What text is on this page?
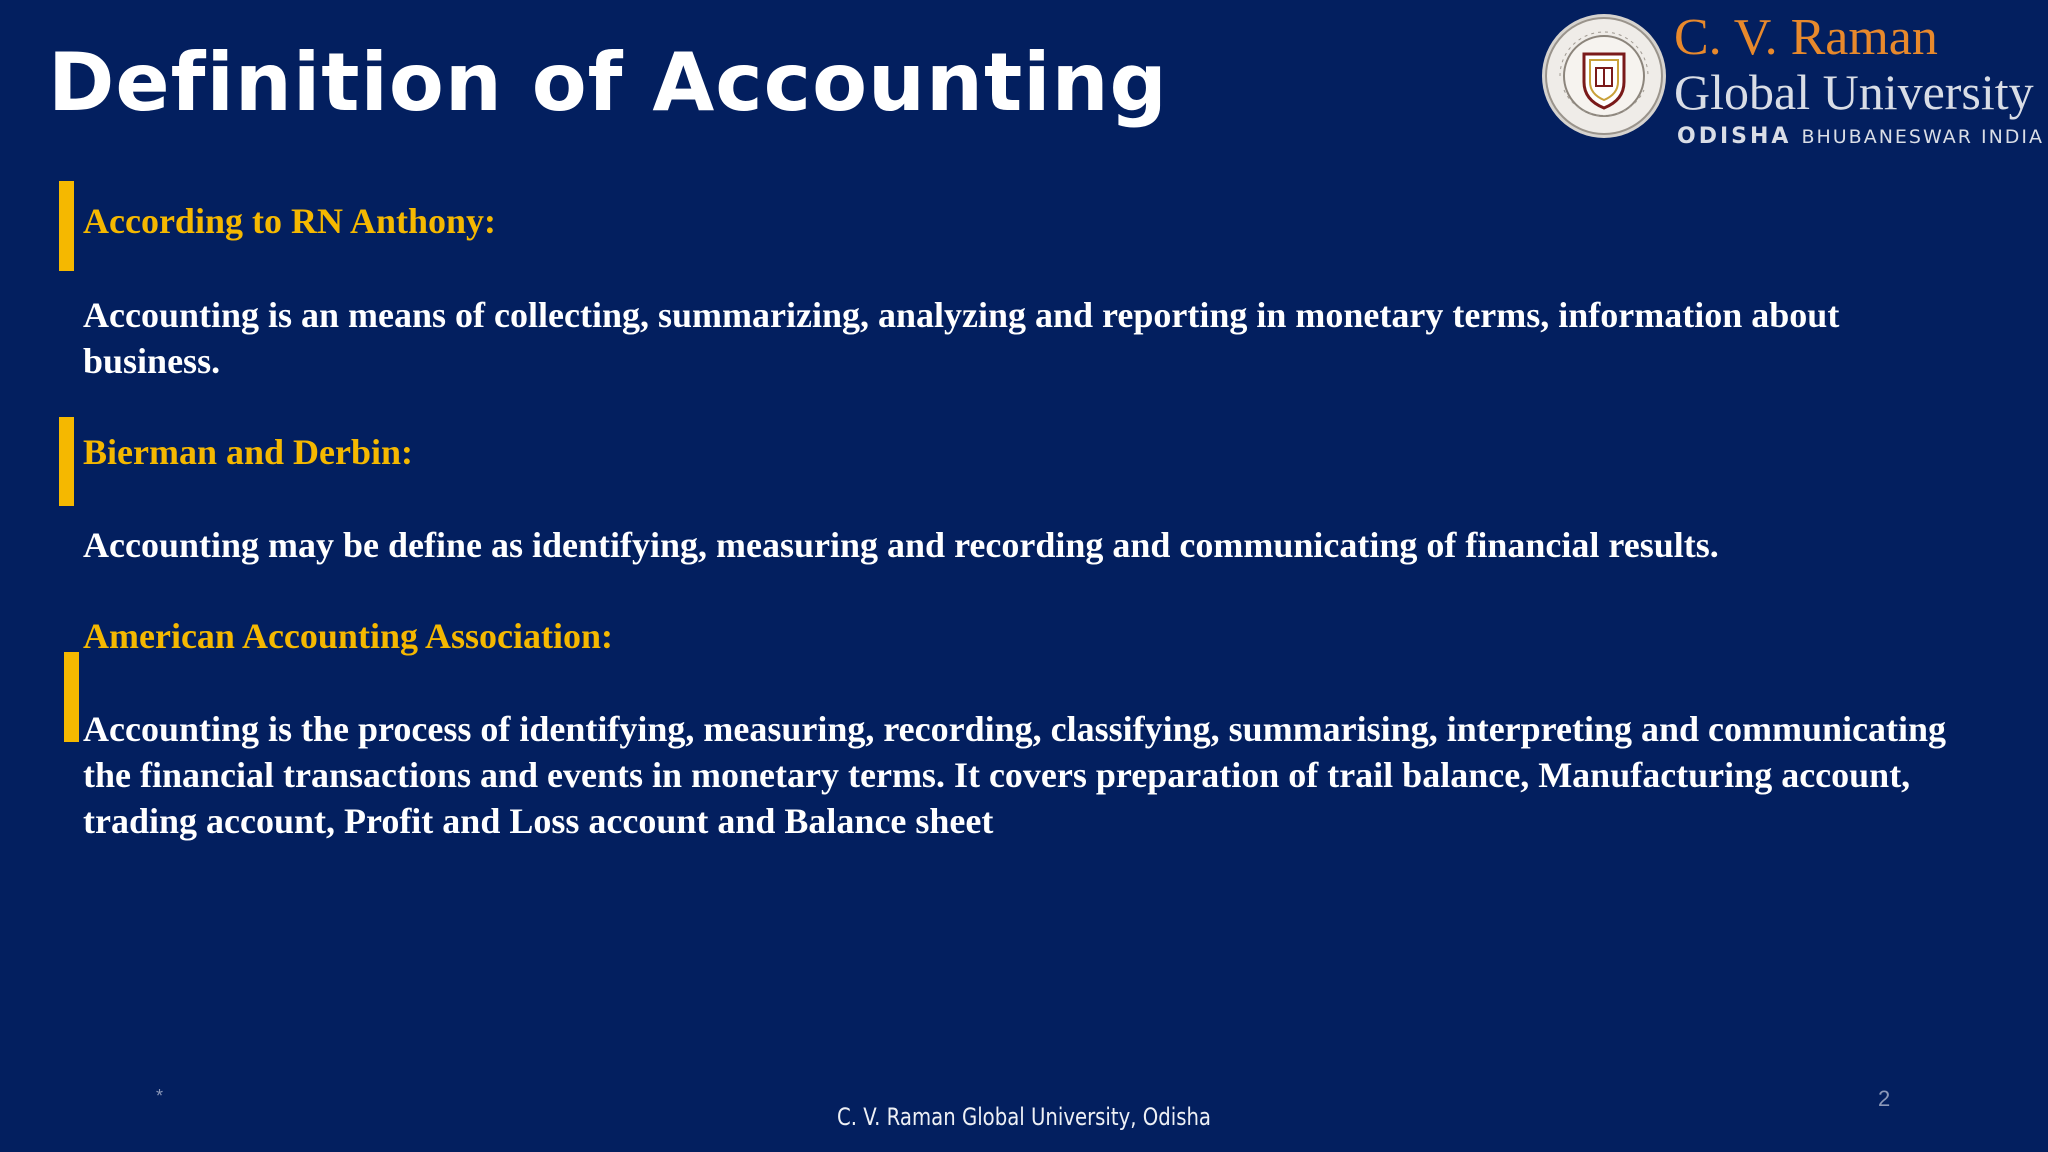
Definition of Accounting	C. V. Raman
Global University
ODISHA BHUBANESWAR INDIA

According to RN Anthony:

Accounting is an means of collecting, summarizing, analyzing and reporting in monetary terms, information about business.

Bierman and Derbin:

Accounting may be define as identifying, measuring and recording and communicating of financial results.

American Accounting Association:

Accounting is the process of identifying, measuring, recording, classifying, summarising, interpreting and communicating the financial transactions and events in monetary terms. It covers preparation of trail balance, Manufacturing account, trading account, Profit and Loss account and Balance sheet

*
C. V. Raman Global University, Odisha
2
